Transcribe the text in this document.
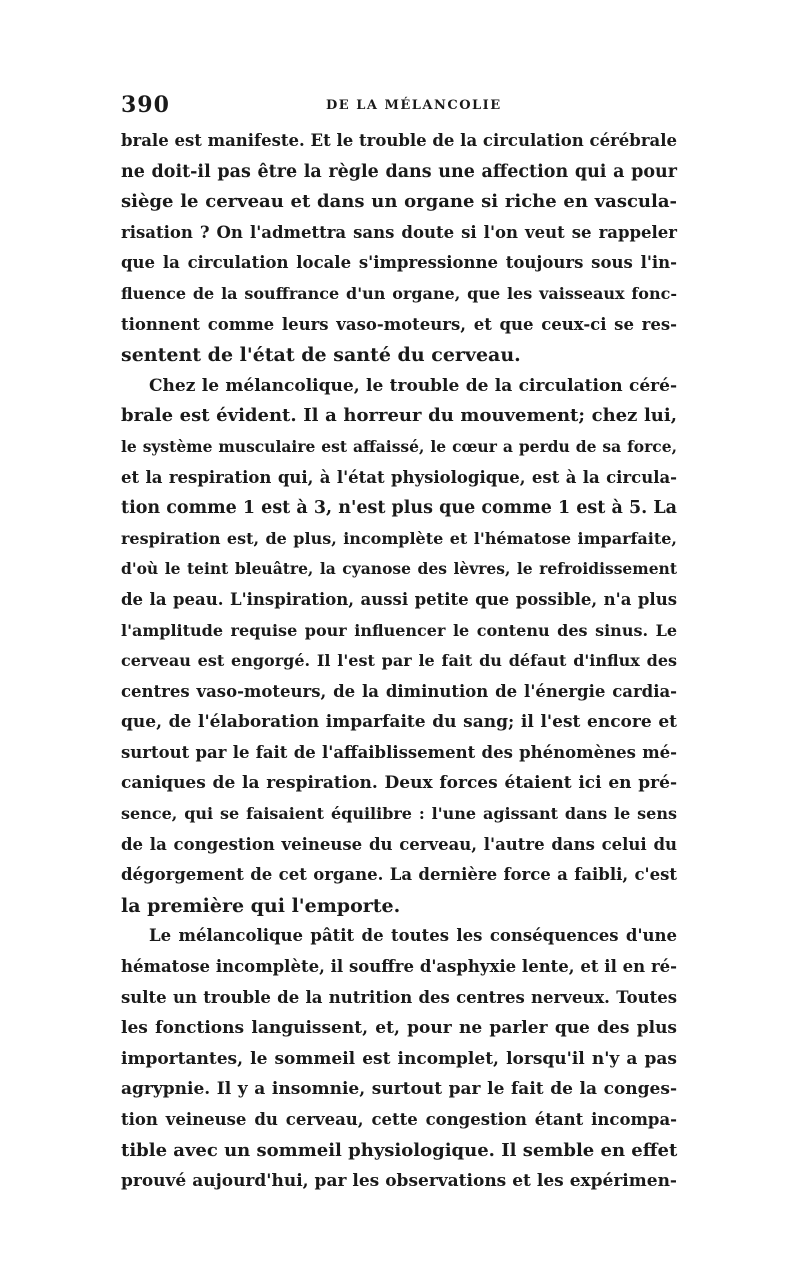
390	DE LA MÉLANCOLIE
brale est manifeste. Et le trouble de la circulation cérébrale
ne doit-il pas être la règle dans une affection qui a pour
siège le cerveau et dans un organe si riche en vascula-
risation ? On l'admettra sans doute si l'on veut se rappeler
que la circulation locale s'impressionne toujours sous l'in-
fluence de la souffrance d'un organe, que les vaisseaux fonc-
tionnent comme leurs vaso-moteurs, et que ceux-ci se res-
sentent de l'état de santé du cerveau.
Chez le mélancolique, le trouble de la circulation céré-
brale est évident. Il a horreur du mouvement; chez lui,
le système musculaire est affaissé, le cœur a perdu de sa force,
et la respiration qui, à l'état physiologique, est à la circula-
tion comme 1 est à 3, n'est plus que comme 1 est à 5. La
respiration est, de plus, incomplète et l'hématose imparfaite,
d'où le teint bleuâtre, la cyanose des lèvres, le refroidissement
de la peau. L'inspiration, aussi petite que possible, n'a plus
l'amplitude requise pour influencer le contenu des sinus. Le
cerveau est engorgé. Il l'est par le fait du défaut d'influx des
centres vaso-moteurs, de la diminution de l'énergie cardia-
que, de l'élaboration imparfaite du sang; il l'est encore et
surtout par le fait de l'affaiblissement des phénomènes mé-
caniques de la respiration. Deux forces étaient ici en pré-
sence, qui se faisaient équilibre : l'une agissant dans le sens
de la congestion veineuse du cerveau, l'autre dans celui du
dégorgement de cet organe. La dernière force a faibli, c'est
la première qui l'emporte.
Le mélancolique pâtit de toutes les conséquences d'une
hématose incomplète, il souffre d'asphyxie lente, et il en ré-
sulte un trouble de la nutrition des centres nerveux. Toutes
les fonctions languissent, et, pour ne parler que des plus
importantes, le sommeil est incomplet, lorsqu'il n'y a pas
agrypnie. Il y a insomnie, surtout par le fait de la conges-
tion veineuse du cerveau, cette congestion étant incompa-
tible avec un sommeil physiologique. Il semble en effet
prouvé aujourd'hui, par les observations et les expérimen-
